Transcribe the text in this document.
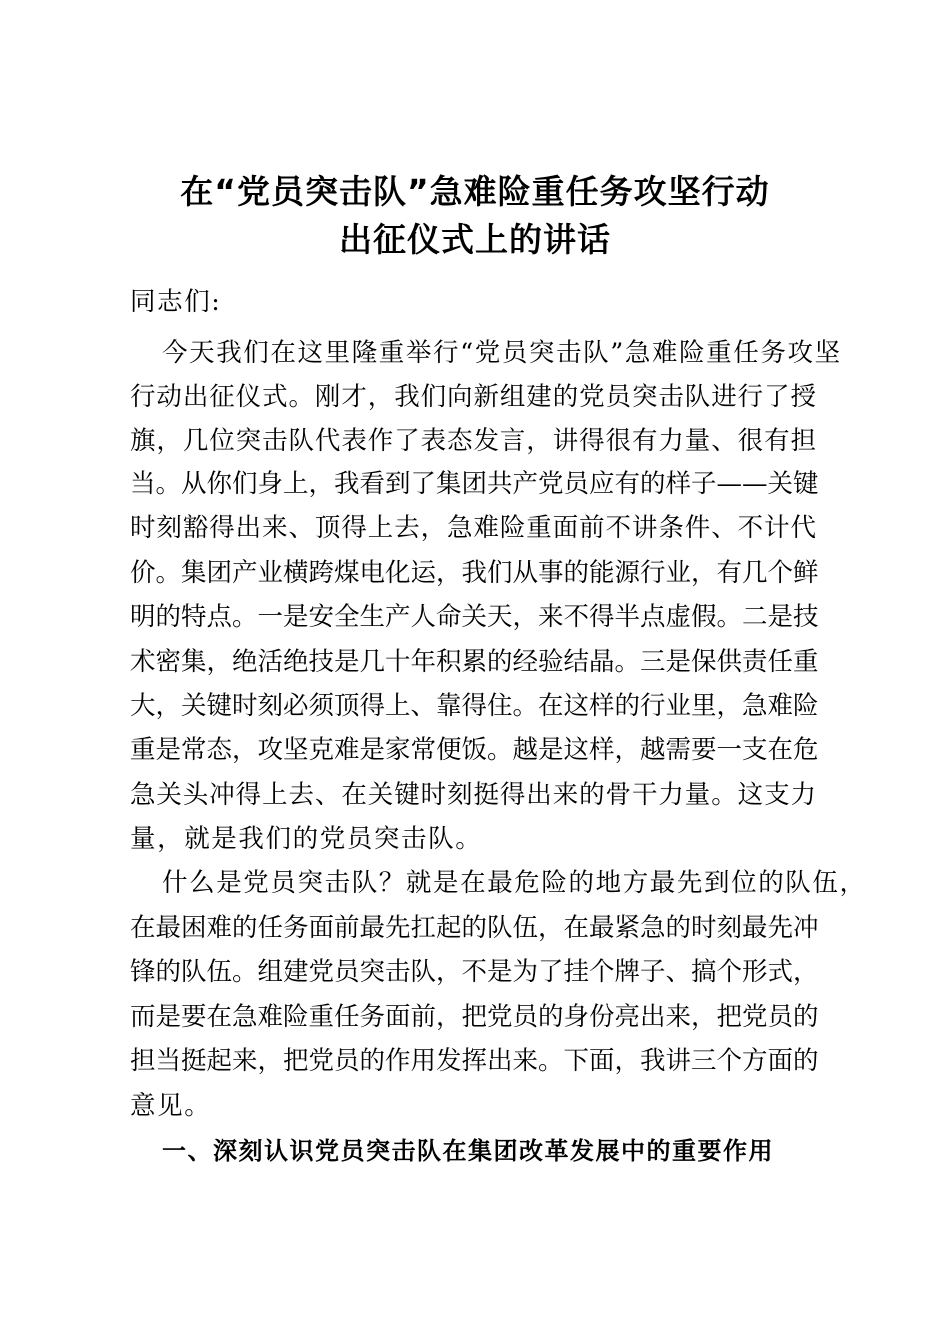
在“党员突击队”急难险重任务攻坚行动
出征仪式上的讲话
同志们:
今天我们在这里隆重举行“党员突击队”急难险重任务攻坚
行动出征仪式。刚才，我们向新组建的党员突击队进行了授
旗，几位突击队代表作了表态发言，讲得很有力量、很有担
当。从你们身上，我看到了集团共产党员应有的样子——关键
时刻豁得出来、顶得上去，急难险重面前不讲条件、不计代
价。集团产业横跨煤电化运，我们从事的能源行业，有几个鲜
明的特点。一是安全生产人命关天，来不得半点虚假。二是技
术密集，绝活绝技是几十年积累的经验结晶。三是保供责任重
大，关键时刻必须顶得上、靠得住。在这样的行业里，急难险
重是常态，攻坚克难是家常便饭。越是这样，越需要一支在危
急关头冲得上去、在关键时刻挺得出来的骨干力量。这支力
量，就是我们的党员突击队。
什么是党员突击队？就是在最危险的地方最先到位的队伍，
在最困难的任务面前最先扛起的队伍，在最紧急的时刻最先冲
锋的队伍。组建党员突击队，不是为了挂个牌子、搞个形式，
而是要在急难险重任务面前，把党员的身份亮出来，把党员的
担当挺起来，把党员的作用发挥出来。下面，我讲三个方面的
意见。
一、深刻认识党员突击队在集团改革发展中的重要作用
